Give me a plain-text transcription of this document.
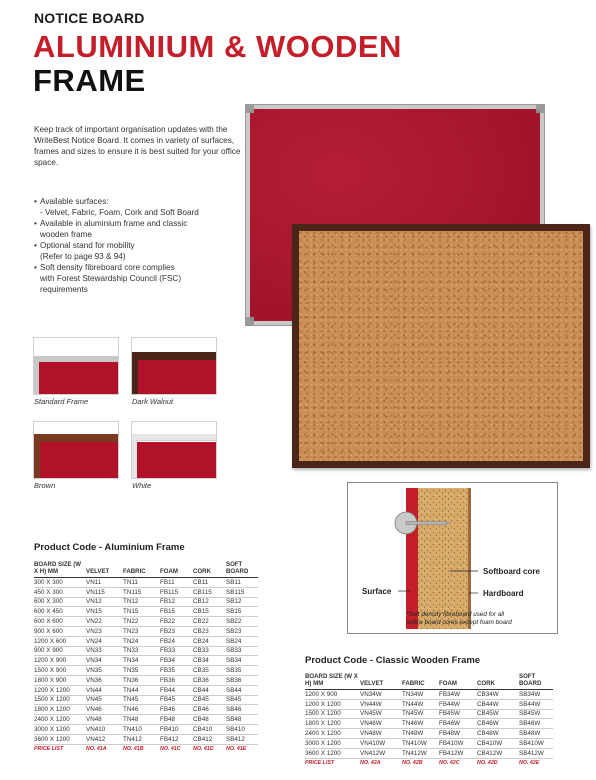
NOTICE BOARD
ALUMINIUM & WOODEN
FRAME

Keep track of important organisation updates with the WriteBest Notice Board. It comes in variety of surfaces, frames and sizes to ensure it is best suited for your office space.

• Available surfaces:
- Velvet, Fabric, Foam, Cork and Soft Board
• Available in aluminium frame and classic
wooden frame
• Optional stand for mobility
(Refer to page 93 & 94)
• Soft density fibreboard core complies
with Forest Stewardship Council (FSC)
requirements
Standard Frame	Dark Walnut
Brown	White
Softboard core
Hardboard
Surface
*Soft density fibreboard used for all
notice board cores except foam board
Product Code - Aluminium Frame
BOARD SIZE (W X H) MM	VELVET	FABRIC	FOAM	CORK	SOFT BOARD
300 X 300	VN11	TN11	FB11	CB11	SB11
450 X 300	VN115	TN115	FB115	CB115	SB115
600 X 300	VN12	TN12	FB12	CB12	SB12
600 X 450	VN15	TN15	FB15	CB15	SB15
600 X 600	VN22	TN22	FB22	CB22	SB22
900 X 600	VN23	TN23	FB23	CB23	SB23
1200 X 600	VN24	TN24	FB24	CB24	SB24
900 X 900	VN33	TN33	FB33	CB33	SB33
1200 X 900	VN34	TN34	FB34	CB34	SB34
1500 X 900	VN35	TN35	FB35	CB35	SB35
1800 X 900	VN36	TN36	FB36	CB36	SB36
1200 X 1200	VN44	TN44	FB44	CB44	SB44
1500 X 1200	VN45	TN45	FB45	CB45	SB45
1800 X 1200	VN46	TN46	FB46	CB46	SB46
2400 X 1200	VN48	TN48	FB48	CB48	SB48
3000 X 1200	VN410	TN410	FB410	CB410	SB410
3600 X 1200	VN412	TN412	FB412	CB412	SB412
PRICE LIST	NO. 41A	NO. 41B	NO. 41C	NO. 41D	NO. 41E
Product Code - Classic Wooden Frame
BOARD SIZE (W X H) MM	VELVET	FABRIC	FOAM	CORK	SOFT BOARD
1200 X 900	VN34W	TN34W	FB34W	CB34W	SB34W
1200 X 1200	VN44W	TN44W	FB44W	CB44W	SB44W
1500 X 1200	VN45W	TN45W	FB45W	CB45W	SB45W
1800 X 1200	VN46W	TN46W	FB46W	CB46W	SB46W
2400 X 1200	VN48W	TN48W	FB48W	CB48W	SB48W
3000 X 1200	VN410W	TN410W	FB410W	CB410W	SB410W
3600 X 1200	VN412W	TN412W	FB412W	CB412W	SB412W
PRICE LIST	NO. 42A	NO. 42B	NO. 42C	NO. 42D	NO. 42E
